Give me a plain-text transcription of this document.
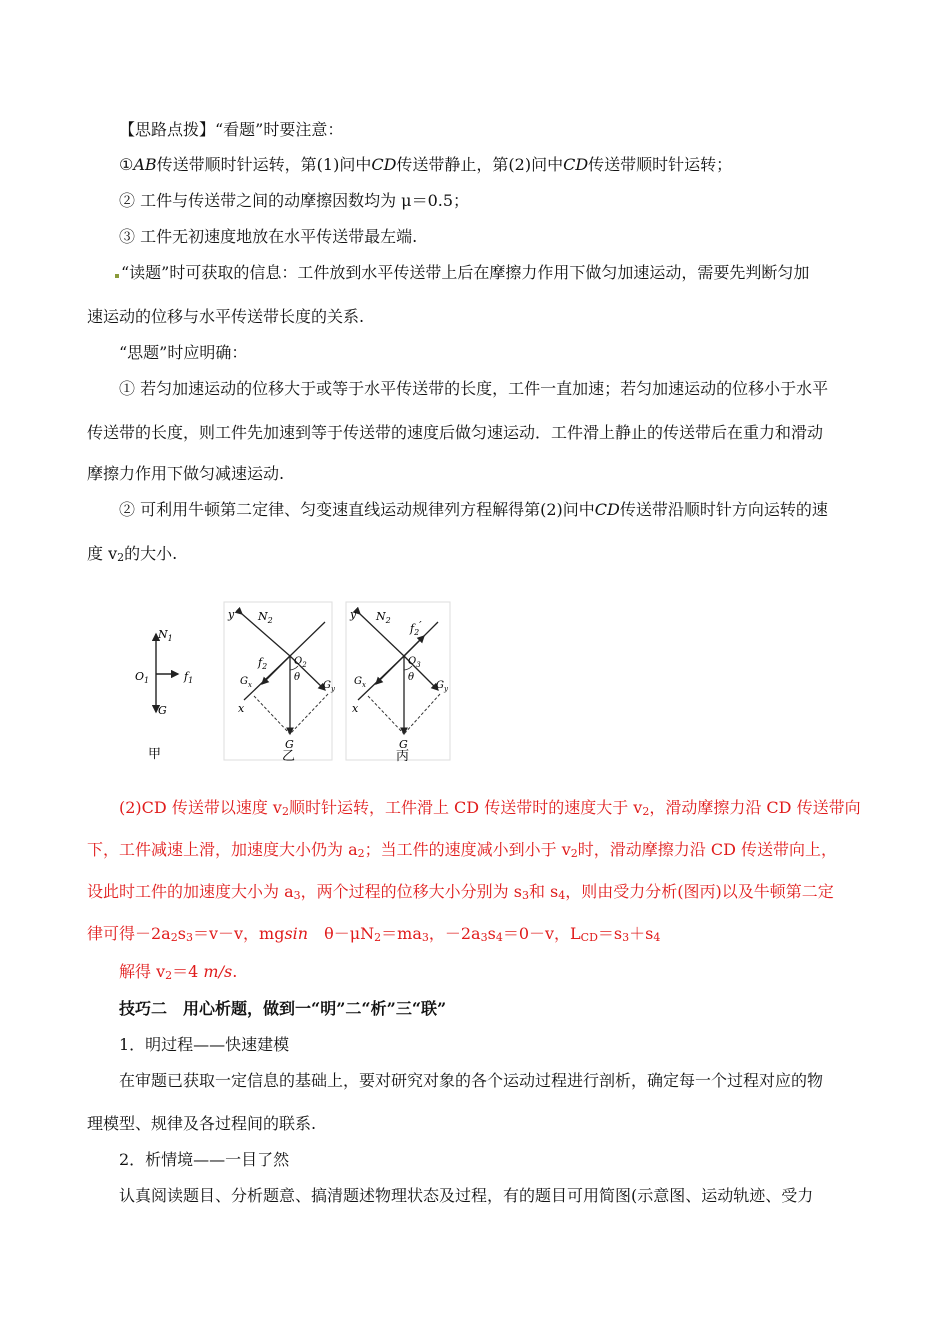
【思路点拨】“看题”时要注意：
①AB传送带顺时针运转，第(1)问中CD传送带静止，第(2)问中CD传送带顺时针运转；
② 工件与传送带之间的动摩擦因数均为 μ＝0.5；
③ 工件无初速度地放在水平传送带最左端.
“读题”时可获取的信息：工件放到水平传送带上后在摩擦力作用下做匀加速运动，需要先判断匀加
速运动的位移与水平传送带长度的关系.
“思题”时应明确：
① 若匀加速运动的位移大于或等于水平传送带的长度，工件一直加速；若匀加速运动的位移小于水平
传送带的长度，则工件先加速到等于传送带的速度后做匀速运动．工件滑上静止的传送带后在重力和滑动
摩擦力作用下做匀减速运动.
② 可利用牛顿第二定律、匀变速直线运动规律列方程解得第(2)问中CD传送带沿顺时针方向运转的速
度 v2的大小.
$N_1$
$O_1$	$f_1$
G
甲
y $N_2$
$O_2$
θ
$f_2$
$G_x$	$G_y$
x
G
乙
y $N_2$
$f_2'$
$O_3$
θ
$G_x$	$G_y$
x
G
丙
(2)CD 传送带以速度 v2顺时针运转，工件滑上 CD 传送带时的速度大于 v2，滑动摩擦力沿 CD 传送带向
下，工件减速上滑，加速度大小仍为 a2；当工件的速度减小到小于 v2时，滑动摩擦力沿 CD 传送带向上，
设此时工件的加速度大小为 a3，两个过程的位移大小分别为 s3和 s4，则由受力分析(图丙)以及牛顿第二定
律可得－2a2s3＝v－v，mgsin　θ－μN2＝ma3，－2a3s4＝0－v，LCD＝s3＋s4
解得 v2＝4 m/s.
技巧二　用心析题，做到一“明”二“析”三“联”
1．明过程——快速建模
在审题已获取一定信息的基础上，要对研究对象的各个运动过程进行剖析，确定每一个过程对应的物
理模型、规律及各过程间的联系.
2．析情境——一目了然
认真阅读题目、分析题意、搞清题述物理状态及过程，有的题目可用简图(示意图、运动轨迹、受力
